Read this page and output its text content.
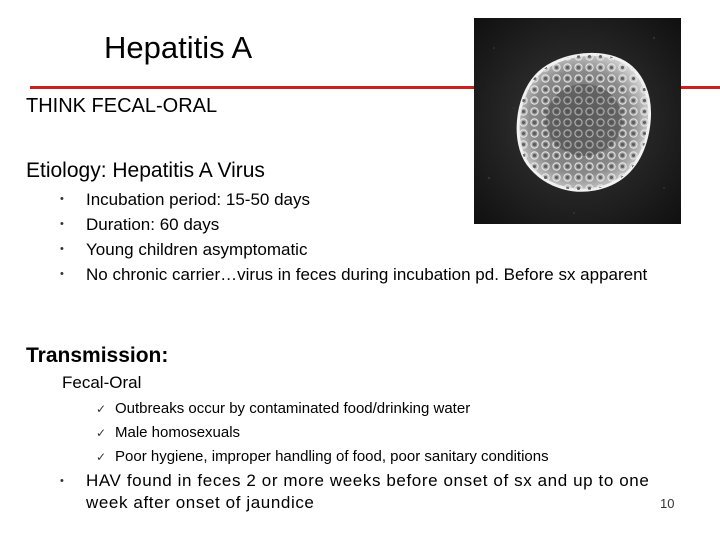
Hepatitis A
THINK FECAL-ORAL
Etiology: Hepatitis A Virus
• Incubation period: 15-50 days
• Duration: 60 days
• Young children asymptomatic
• No chronic carrier…virus in feces during incubation pd. Before sx apparent
Transmission:
Fecal-Oral
✓ Outbreaks occur by contaminated food/drinking water
✓ Male homosexuals
✓ Poor hygiene, improper handling of food, poor sanitary conditions
• HAV found in feces 2 or more weeks before onset of sx and up to one week after onset of jaundice	10
